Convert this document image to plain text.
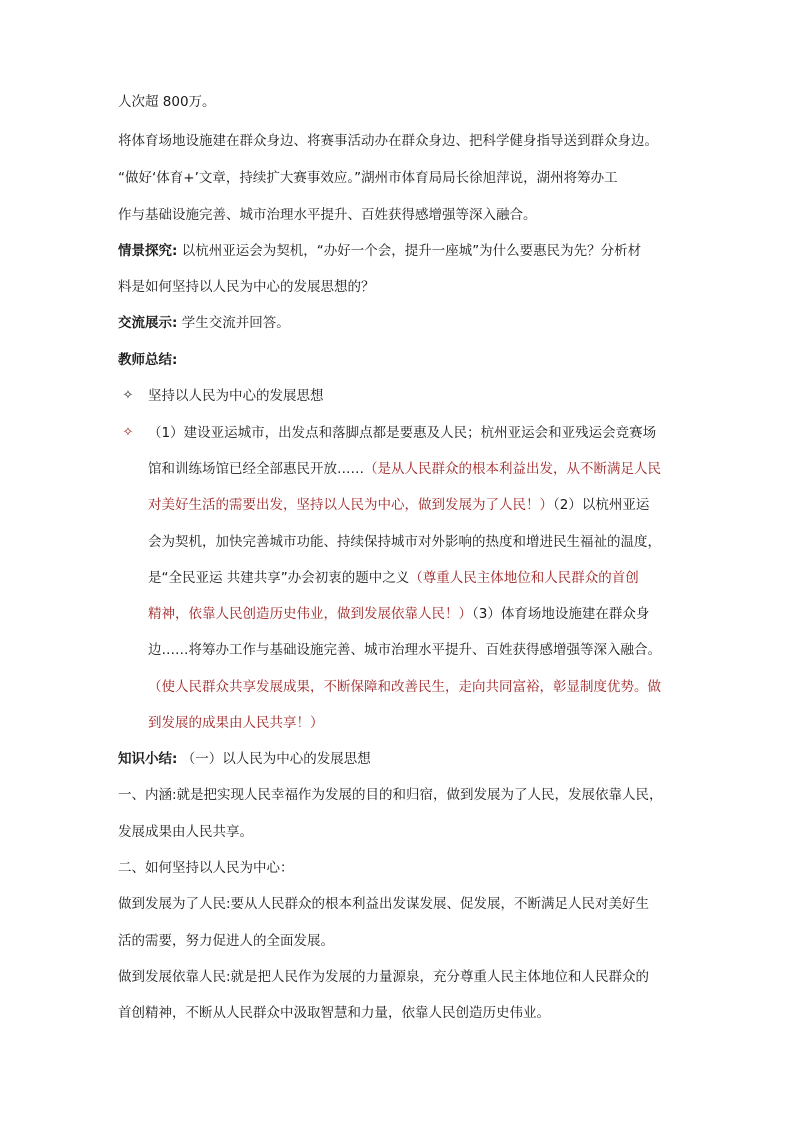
人次超 800万。
将体育场地设施建在群众身边、将赛事活动办在群众身边、把科学健身指导送到群众身边。
“做好‘体育+’文章，持续扩大赛事效应。”湖州市体育局局长徐旭萍说，湖州将筹办工
作与基础设施完善、城市治理水平提升、百姓获得感增强等深入融合。
情景探究: 以杭州亚运会为契机，“办好一个会，提升一座城”为什么要惠民为先？分析材
料是如何坚持以人民为中心的发展思想的？
交流展示: 学生交流并回答。
教师总结:
✧ 坚持以人民为中心的发展思想
✧ （1）建设亚运城市，出发点和落脚点都是要惠及人民；杭州亚运会和亚残运会竞赛场
馆和训练场馆已经全部惠民开放……（是从人民群众的根本利益出发，从不断满足人民
对美好生活的需要出发，坚持以人民为中心，做到发展为了人民！）（2）以杭州亚运
会为契机，加快完善城市功能、持续保持城市对外影响的热度和增进民生福祉的温度，
是“全民亚运 共建共享”办会初衷的题中之义（尊重人民主体地位和人民群众的首创
精神，依靠人民创造历史伟业，做到发展依靠人民！）（3）体育场地设施建在群众身
边……将筹办工作与基础设施完善、城市治理水平提升、百姓获得感增强等深入融合。
（使人民群众共享发展成果，不断保障和改善民生，走向共同富裕，彰显制度优势。做
到发展的成果由人民共享！）
知识小结: （一）以人民为中心的发展思想
一、内涵:就是把实现人民幸福作为发展的目的和归宿，做到发展为了人民，发展依靠人民，
发展成果由人民共享。
二、如何坚持以人民为中心：
做到发展为了人民:要从人民群众的根本利益出发谋发展、促发展，不断满足人民对美好生
活的需要，努力促进人的全面发展。
做到发展依靠人民:就是把人民作为发展的力量源泉，充分尊重人民主体地位和人民群众的
首创精神，不断从人民群众中汲取智慧和力量，依靠人民创造历史伟业。
